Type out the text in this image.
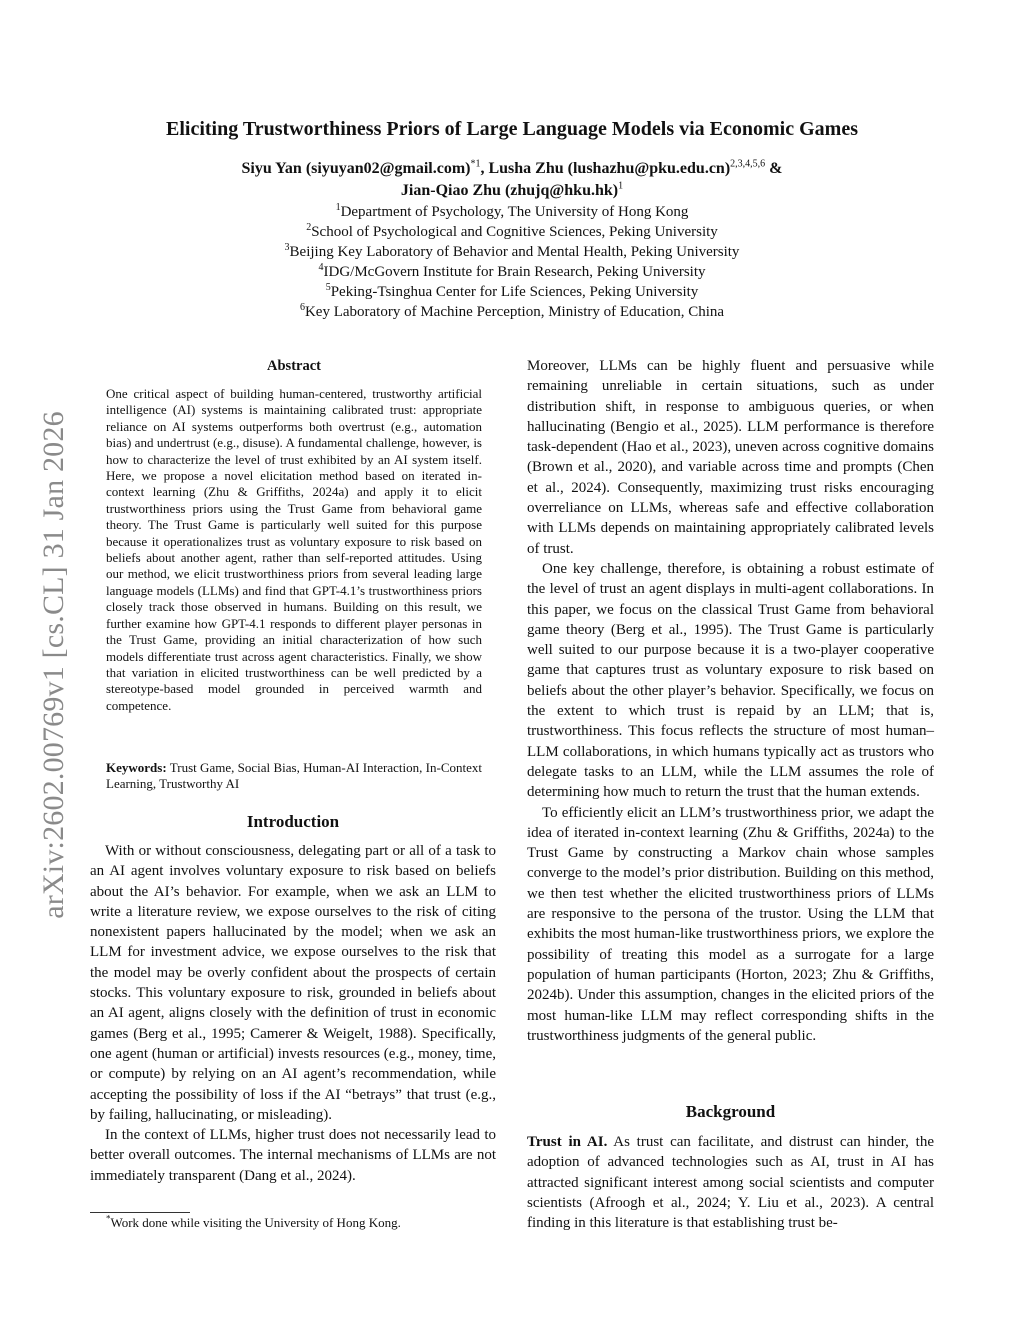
arXiv:2602.00769v1 [cs.CL] 31 Jan 2026
Eliciting Trustworthiness Priors of Large Language Models via Economic Games
Siyu Yan (siyuyan02@gmail.com)$^{*1}$, Lusha Zhu (lushazhu@pku.edu.cn)$^{2,3,4,5,6}$ &
Jian-Qiao Zhu (zhujq@hku.hk)$^1$
$^1$Department of Psychology, The University of Hong Kong
$^2$School of Psychological and Cognitive Sciences, Peking University
$^3$Beijing Key Laboratory of Behavior and Mental Health, Peking University
$^4$IDG/McGovern Institute for Brain Research, Peking University
$^5$Peking-Tsinghua Center for Life Sciences, Peking University
$^6$Key Laboratory of Machine Perception, Ministry of Education, China
Abstract
One critical aspect of building human-centered, trustworthy artificial intelligence (AI) systems is maintaining calibrated trust: appropriate reliance on AI systems outperforms both overtrust (e.g., automation bias) and undertrust (e.g., disuse). A fundamental challenge, however, is how to characterize the level of trust exhibited by an AI system itself. Here, we propose a novel elicitation method based on iterated in-context learning (Zhu & Griffiths, 2024a) and apply it to elicit trustworthiness priors using the Trust Game from behavioral game theory. The Trust Game is particularly well suited for this purpose because it operationalizes trust as voluntary exposure to risk based on beliefs about another agent, rather than self-reported attitudes. Using our method, we elicit trustworthiness priors from several leading large language models (LLMs) and find that GPT-4.1’s trustworthiness priors closely track those observed in humans. Building on this result, we further examine how GPT-4.1 responds to different player personas in the Trust Game, providing an initial characterization of how such models differentiate trust across agent characteristics. Finally, we show that variation in elicited trustworthiness can be well predicted by a stereotype-based model grounded in perceived warmth and competence.
Keywords: Trust Game, Social Bias, Human-AI Interaction, In-Context Learning, Trustworthy AI
Introduction

With or without consciousness, delegating part or all of a task to an AI agent involves voluntary exposure to risk based on beliefs about the AI’s behavior. For example, when we ask an LLM to write a literature review, we expose ourselves to the risk of citing nonexistent papers hallucinated by the model; when we ask an LLM for investment advice, we expose ourselves to the risk that the model may be overly confident about the prospects of certain stocks. This voluntary exposure to risk, grounded in beliefs about an AI agent, aligns closely with the definition of trust in economic games (Berg et al., 1995; Camerer & Weigelt, 1988). Specifically, one agent (human or artificial) invests resources (e.g., money, time, or compute) by relying on an AI agent’s recommendation, while accepting the possibility of loss if the AI “betrays” that trust (e.g., by failing, hallucinating, or misleading).

In the context of LLMs, higher trust does not necessarily lead to better overall outcomes. The internal mechanisms of LLMs are not immediately transparent (Dang et al., 2024).

Moreover, LLMs can be highly fluent and persuasive while remaining unreliable in certain situations, such as under distribution shift, in response to ambiguous queries, or when hallucinating (Bengio et al., 2025). LLM performance is therefore task-dependent (Hao et al., 2023), uneven across cognitive domains (Brown et al., 2020), and variable across time and prompts (Chen et al., 2024). Consequently, maximizing trust risks encouraging overreliance on LLMs, whereas safe and effective collaboration with LLMs depends on maintaining appropriately calibrated levels of trust.

One key challenge, therefore, is obtaining a robust estimate of the level of trust an agent displays in multi-agent collaborations. In this paper, we focus on the classical Trust Game from behavioral game theory (Berg et al., 1995). The Trust Game is particularly well suited to our purpose because it is a two-player cooperative game that captures trust as voluntary exposure to risk based on beliefs about the other player’s behavior. Specifically, we focus on the extent to which trust is repaid by an LLM; that is, trustworthiness. This focus reflects the structure of most human–LLM collaborations, in which humans typically act as trustors who delegate tasks to an LLM, while the LLM assumes the role of determining how much to return the trust that the human extends.

To efficiently elicit an LLM’s trustworthiness prior, we adapt the idea of iterated in-context learning (Zhu & Griffiths, 2024a) to the Trust Game by constructing a Markov chain whose samples converge to the model’s prior distribution. Building on this method, we then test whether the elicited trustworthiness priors of LLMs are responsive to the persona of the trustor. Using the LLM that exhibits the most human-like trustworthiness priors, we explore the possibility of treating this model as a surrogate for a large population of human participants (Horton, 2023; Zhu & Griffiths, 2024b). Under this assumption, changes in the elicited priors of the most human-like LLM may reflect corresponding shifts in the trustworthiness judgments of the general public.

Background

Trust in AI. As trust can facilitate, and distrust can hinder, the adoption of advanced technologies such as AI, trust in AI has attracted significant interest among social scientists and computer scientists (Afroogh et al., 2024; Y. Liu et al., 2023). A central finding in this literature is that establishing trust be-

*Work done while visiting the University of Hong Kong.
